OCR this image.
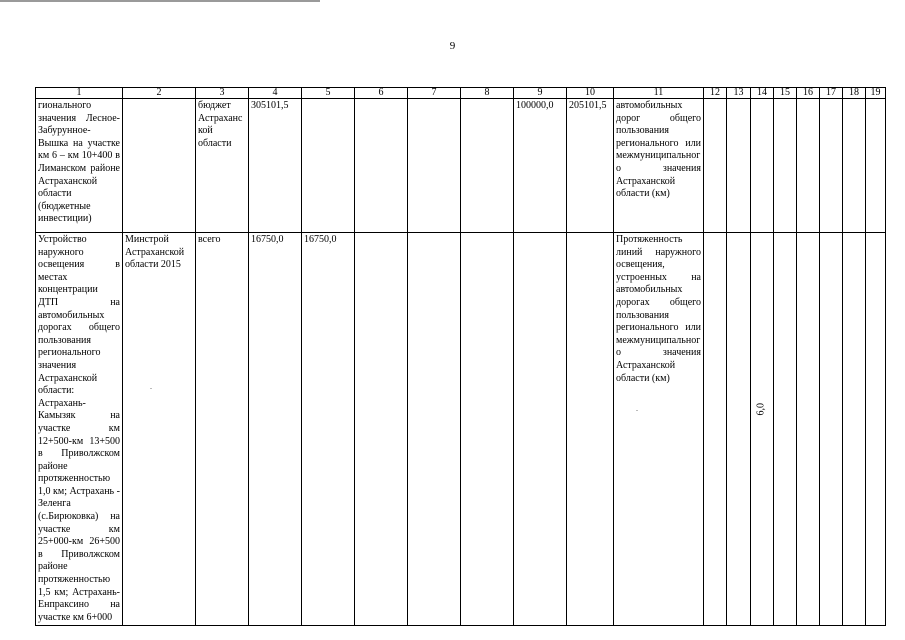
9
1	2	3	4	5	6	7	8	9	10	11	12	13	14	15	16	17	18	19
гионального значения Лесное-Забурунное-Вышка на участке км 6 – км 10+400 в Лиманском районе Астраханской области (бюджетные инвестиции)		бюджет Астраханской области	305101,5					100000,0	205101,5	автомобильных дорог общего пользования регионального или межмуниципального значения Астраханской области (км)								
Устройство наружного освещения в местах концентрации ДТП на автомобильных дорогах общего пользования регионального значения Астраханской области: Астрахань- Камызяк на участке км 12+500-км 13+500 в Приволжском районе протяженностью 1,0 км; Астрахань - Зеленга (с.Бирюковка) на участке км 25+000-км 26+500 в Приволжском районе протяженностью 1,5 км; Астрахань-Енпраксино на участке км 6+000	Минстрой Астраханской области 2015	всего	16750,0	16750,0						Протяженность линий наружного освещения, устроенных на автомобильных дорогах общего пользования регионального или межмуниципального значения Астраханской области (км)			6,0					
